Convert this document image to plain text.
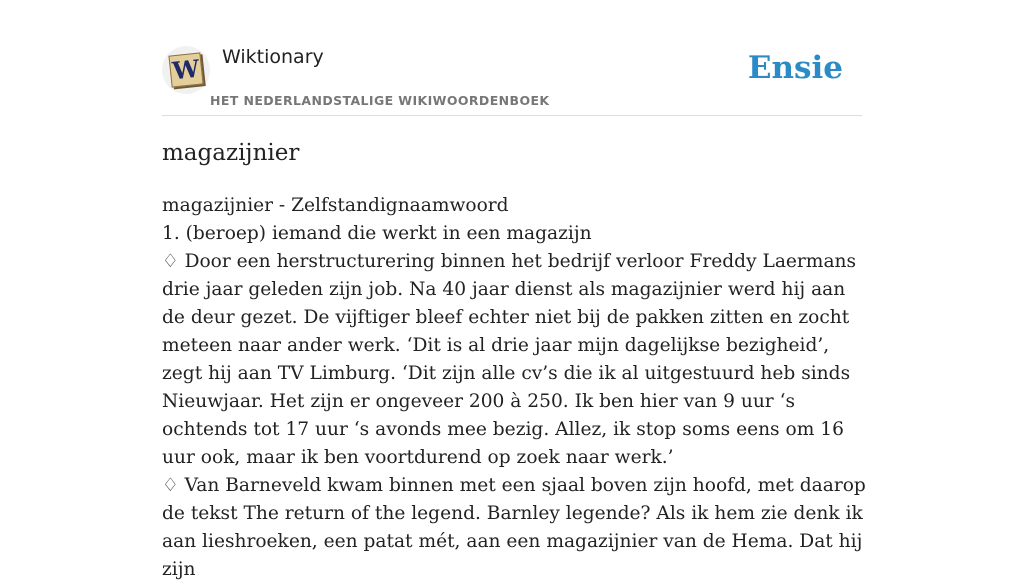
W Wiktionary
HET NEDERLANDSTALIGE WIKIWOORDENBOEK
Ensie
magazijnier

magazijnier - Zelfstandignaamwoord

1. (beroep) iemand die werkt in een magazijn

♢ Door een herstructurering binnen het bedrijf verloor Freddy Laermans drie jaar geleden zijn job. Na 40 jaar dienst als magazijnier werd hij aan de deur gezet. De vijftiger bleef echter niet bij de pakken zitten en zocht meteen naar ander werk. ‘Dit is al drie jaar mijn dagelijkse bezigheid’, zegt hij aan TV Limburg. ‘Dit zijn alle cv’s die ik al uitgestuurd heb sinds Nieuwjaar. Het zijn er ongeveer 200 à 250. Ik ben hier van 9 uur ‘s ochtends tot 17 uur ‘s avonds mee bezig. Allez, ik stop soms eens om 16 uur ook, maar ik ben voortdurend op zoek naar werk.’

♢ Van Barneveld kwam binnen met een sjaal boven zijn hoofd, met daarop de tekst The return of the legend. Barnley legende? Als ik hem zie denk ik aan lieshroeken, een patat mét, aan een magazijnier van de Hema. Dat hij zijn
